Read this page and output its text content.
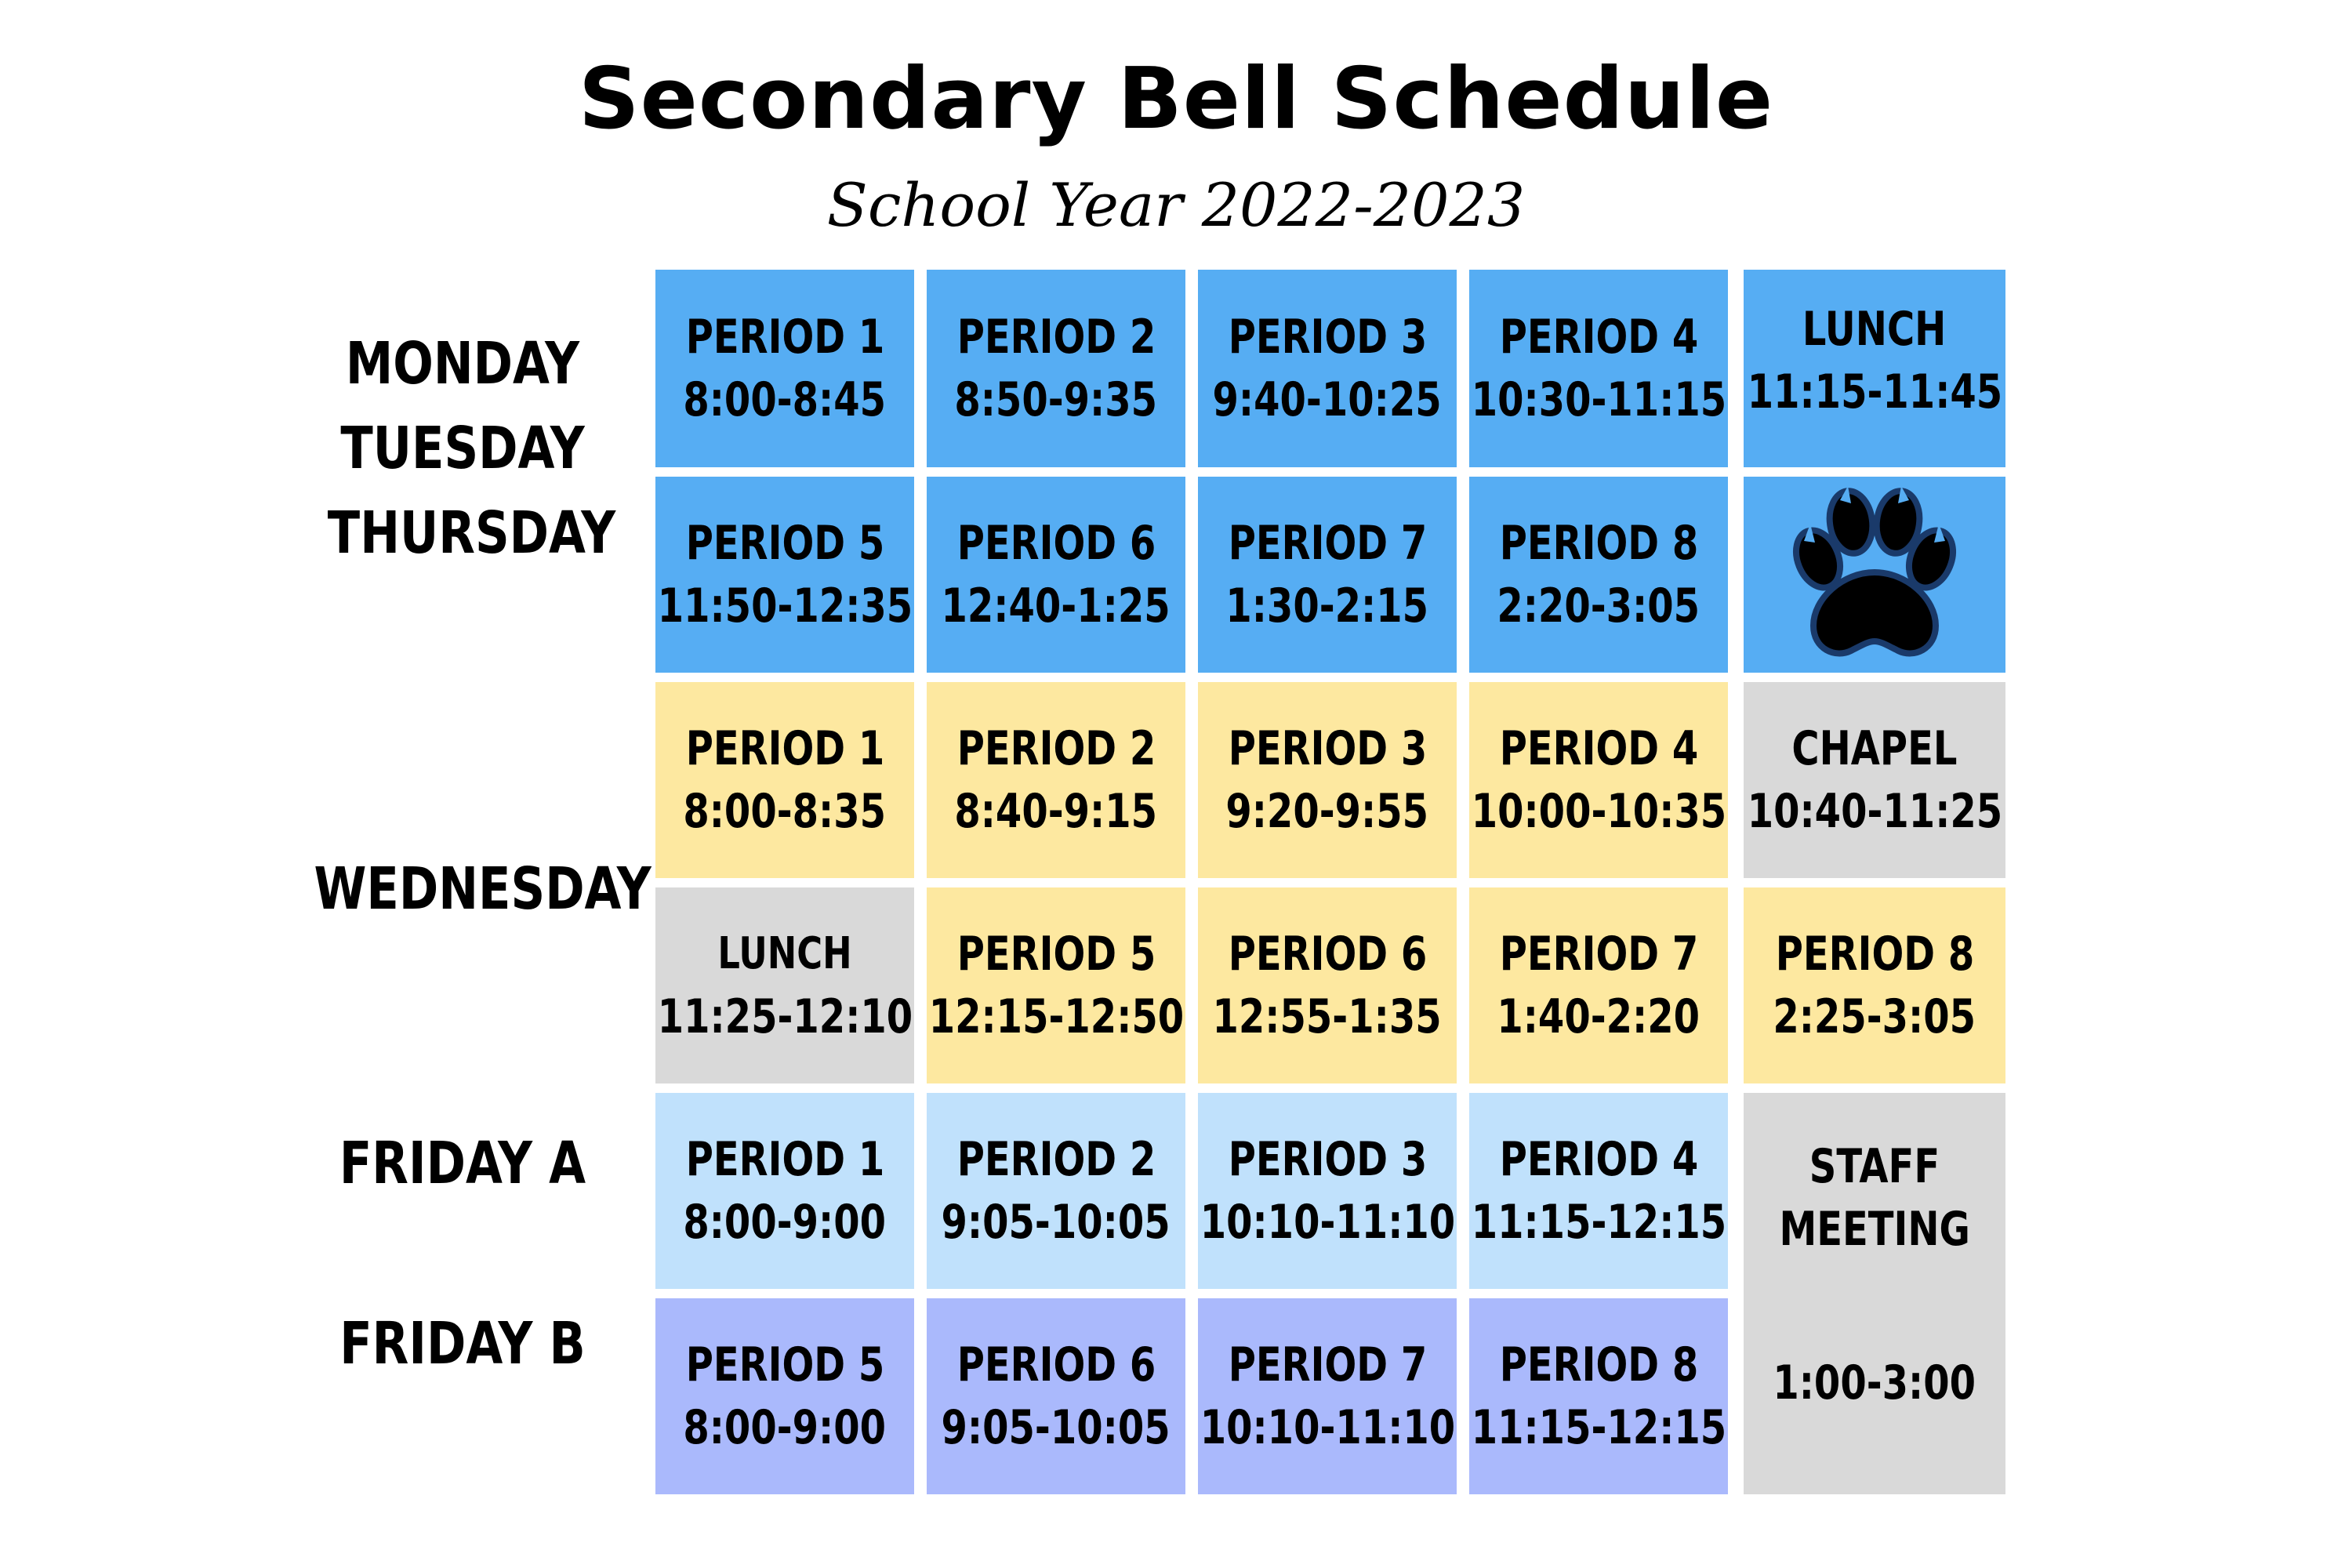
Secondary Bell Schedule
School Year 2022-2023
MONDAY
TUESDAY
THURSDAY
WEDNESDAY
FRIDAY A
FRIDAY B
PERIOD 1
8:00-8:45
PERIOD 2
8:50-9:35
PERIOD 3
9:40-10:25
PERIOD 4
10:30-11:15
LUNCH
11:15-11:45
PERIOD 5
11:50-12:35
PERIOD 6
12:40-1:25
PERIOD 7
1:30-2:15
PERIOD 8
2:20-3:05
PERIOD 1
8:00-8:35
PERIOD 2
8:40-9:15
PERIOD 3
9:20-9:55
PERIOD 4
10:00-10:35
CHAPEL
10:40-11:25
LUNCH
11:25-12:10
PERIOD 5
12:15-12:50
PERIOD 6
12:55-1:35
PERIOD 7
1:40-2:20
PERIOD 8
2:25-3:05
PERIOD 1
8:00-9:00
PERIOD 2
9:05-10:05
PERIOD 3
10:10-11:10
PERIOD 4
11:15-12:15
STAFF
MEETING
1:00-3:00
PERIOD 5
8:00-9:00
PERIOD 6
9:05-10:05
PERIOD 7
10:10-11:10
PERIOD 8
11:15-12:15
